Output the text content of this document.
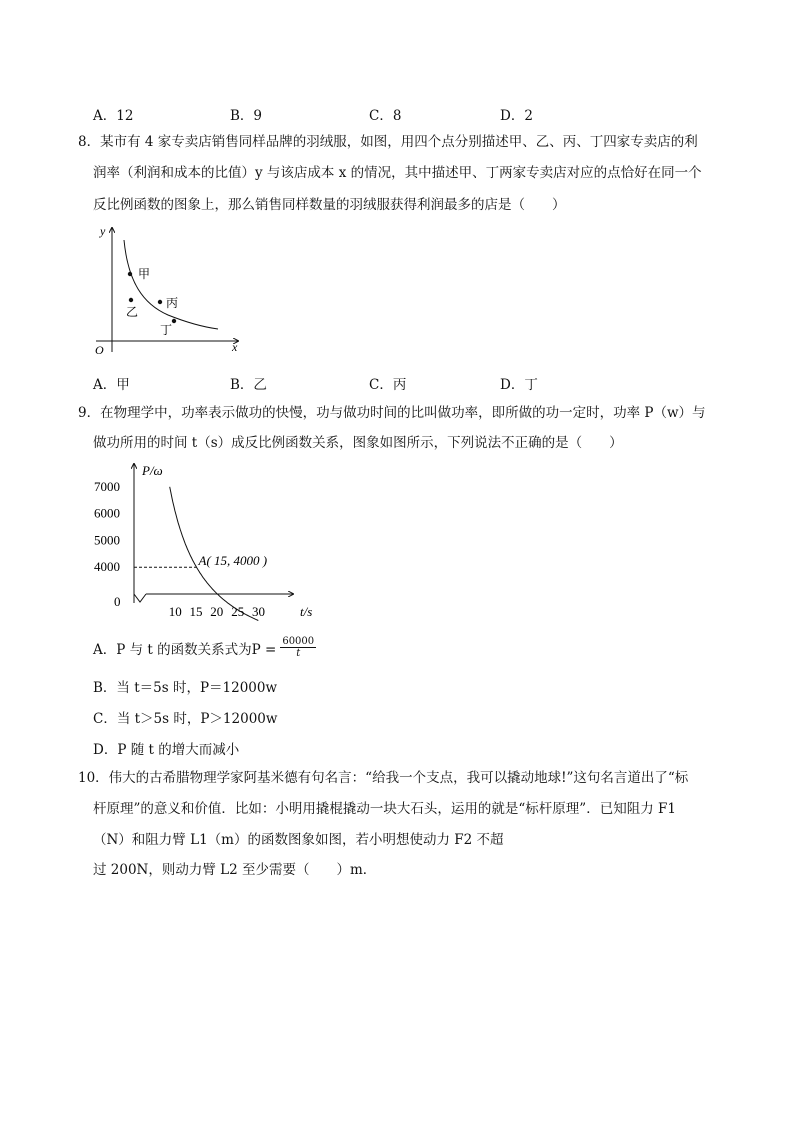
A．12	B．9	C．8	D．2
8．某市有 4 家专卖店销售同样品牌的羽绒服，如图，用四个点分别描述甲、乙、丙、丁四家专卖店的利
润率（利润和成本的比值）y 与该店成本 x 的情况，其中描述甲、丁两家专卖店对应的点恰好在同一个
反比例函数的图象上，那么销售同样数量的羽绒服获得利润最多的店是（　　）
y
x
O
甲
乙
丙
丁
A．甲	B．乙	C．丙	D．丁
9．在物理学中，功率表示做功的快慢，功与做功时间的比叫做功率，即所做的功一定时，功率 P（w）与
做功所用的时间 t（s）成反比例函数关系，图象如图所示，下列说法不正确的是（　　）
P/ω
t/s
0
4000
5000
6000
7000
10 15 20 25 30
A( 15, 4000 )
A． P 与 t 的函数关系式为$P = \frac{60000}{t}$
B．当 t＝5s 时，P＝12000w
C．当 t＞5s 时，P＞12000w
D．P 随 t 的增大而减小
10．伟大的古希腊物理学家阿基米德有句名言：“给我一个支点，我可以撬动地球!”这句名言道出了“标
杆原理”的意义和价值．比如：小明用撬棍撬动一块大石头，运用的就是“标杆原理”．已知阻力 F1
（N）和阻力臂 L1（m）的函数图象如图，若小明想使动力 F2 不超
过 200N，则动力臂 L2 至少需要（　　）m．
